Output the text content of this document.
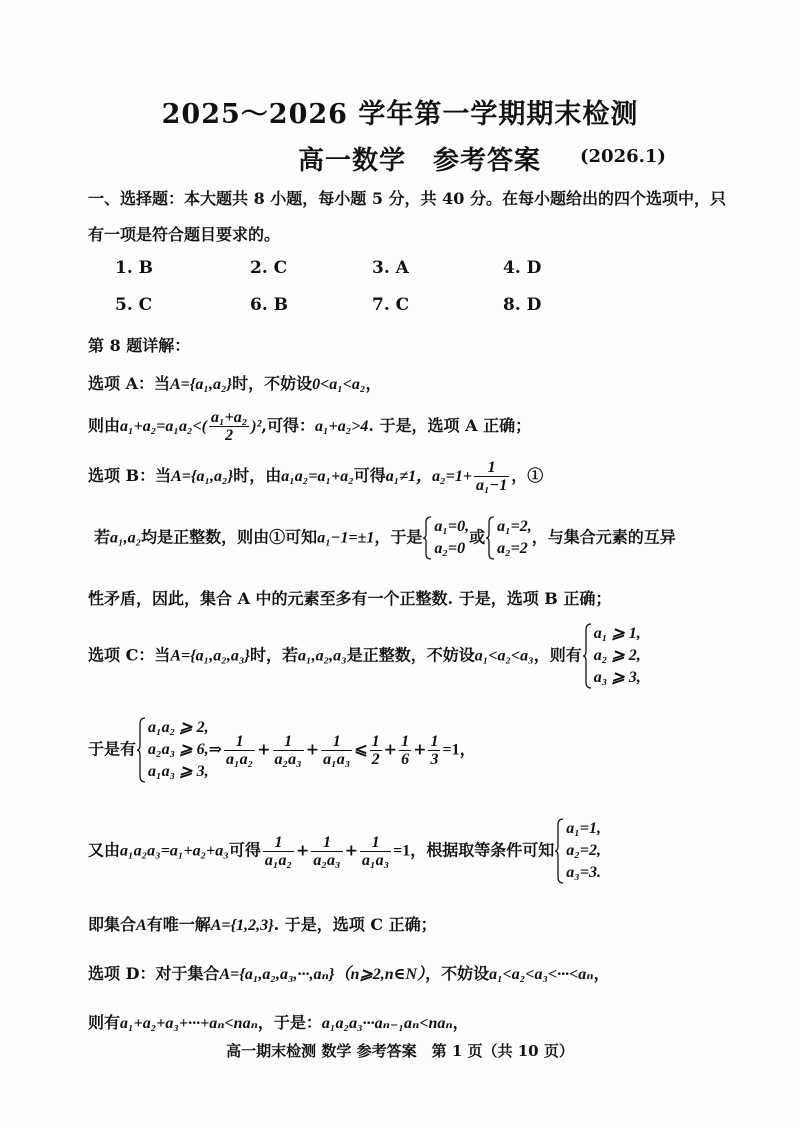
2025～2026 学年第一学期期末检测
高一数学　参考答案 (2026.1)
一、选择题：本大题共 8 小题，每小题 5 分，共 40 分。在每小题给出的四个选项中，只
有一项是符合题目要求的。
1. B	2. C	3. A	4. D
5. C	6. B	7. C	8. D
第 8 题详解：
选项 A：当A={a₁,a₂}时，不妨设0<a₁<a₂，
则由$a_1+a_2=a_1a_2<( \frac{\text{a₁+a₂}}{2} )^2$,可得：a₁+a₂>4. 于是，选项 A 正确；
选项 B：当A={a₁,a₂}时，由a₁a₂=a₁+a₂可得a₁≠1，$a_2=1+ \frac{1}{\text{a₁−1}}$ ，①
若a₁,a₂均是正整数，则由①可知a₁−1=±1，于是
a₁=0,
a₂=0
或
a₁=2,
a₂=2
，与集合元素的互异
性矛盾，因此，集合 A 中的元素至多有一个正整数. 于是，选项 B 正确；
选项 C：当A={a₁,a₂,a₃}时，若a₁,a₂,a₃是正整数，不妨设a₁<a₂<a₃，则有
a₁ ⩾ 1,
a₂ ⩾ 2,
a₃ ⩾ 3,
于是有
a₁a₂ ⩾ 2,
a₂a₃ ⩾ 6,
a₁a₃ ⩾ 3,
⇒ $\frac{1}{\text{a₁a₂}} + \frac{1}{\text{a₂a₃}} + \frac{1}{\text{a₁a₃}}$ ⩽ $\frac{1}{2} + \frac{1}{6} + \frac{1}{3} =1$，
又由a₁a₂a₃=a₁+a₂+a₃可得 $\frac{1}{\text{a₁a₂}} + \frac{1}{\text{a₂a₃}} + \frac{1}{\text{a₁a₃}} =1$，根据取等条件可知
a₁=1,
a₂=2,
a₃=3.
即集合A有唯一解A={1,2,3}. 于是，选项 C 正确；
选项 D：对于集合A={a₁,a₂,a₃,···,aₙ}（n⩾2,n∈N），不妨设a₁<a₂<a₃<···<aₙ，
则有a₁+a₂+a₃+···+aₙ<naₙ，于是：a₁a₂a₃···aₙ₋₁aₙ<naₙ，
高一期末检测 数学 参考答案　第 1 页（共 10 页）
